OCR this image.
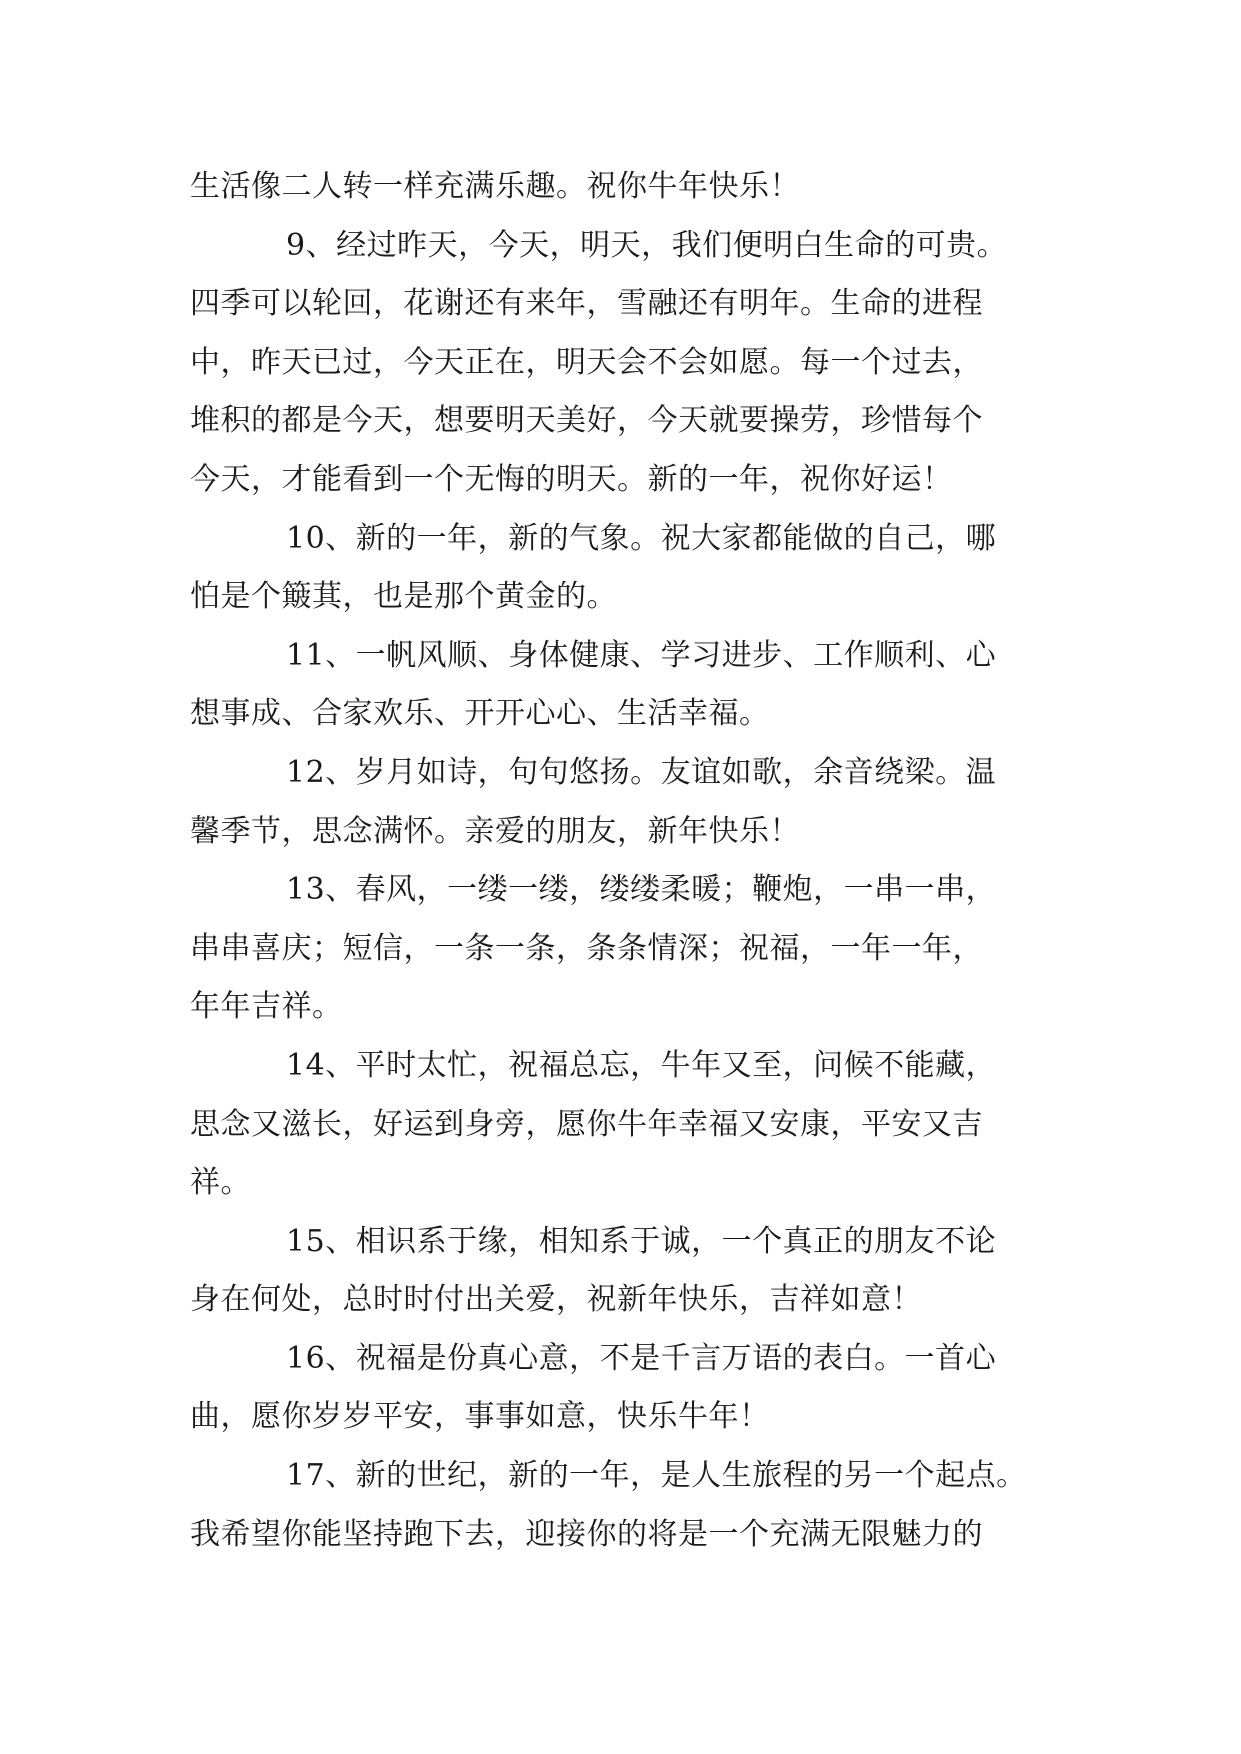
生活像二人转一样充满乐趣。祝你牛年快乐！
9、经过昨天，今天，明天，我们便明白生命的可贵。
四季可以轮回，花谢还有来年，雪融还有明年。生命的进程
中，昨天已过，今天正在，明天会不会如愿。每一个过去，
堆积的都是今天，想要明天美好，今天就要操劳，珍惜每个
今天，才能看到一个无悔的明天。新的一年，祝你好运！
10、新的一年，新的气象。祝大家都能做的自己，哪
怕是个簸萁，也是那个黄金的。
11、一帆风顺、身体健康、学习进步、工作顺利、心
想事成、合家欢乐、开开心心、生活幸福。
12、岁月如诗，句句悠扬。友谊如歌，余音绕梁。温
馨季节，思念满怀。亲爱的朋友，新年快乐！
13、春风，一缕一缕，缕缕柔暖；鞭炮，一串一串，
串串喜庆；短信，一条一条，条条情深；祝福，一年一年，
年年吉祥。
14、平时太忙，祝福总忘，牛年又至，问候不能藏，
思念又滋长，好运到身旁，愿你牛年幸福又安康，平安又吉
祥。
15、相识系于缘，相知系于诚，一个真正的朋友不论
身在何处，总时时付出关爱，祝新年快乐，吉祥如意！
16、祝福是份真心意，不是千言万语的表白。一首心
曲，愿你岁岁平安，事事如意，快乐牛年！
17、新的世纪，新的一年，是人生旅程的另一个起点。
我希望你能坚持跑下去，迎接你的将是一个充满无限魅力的
